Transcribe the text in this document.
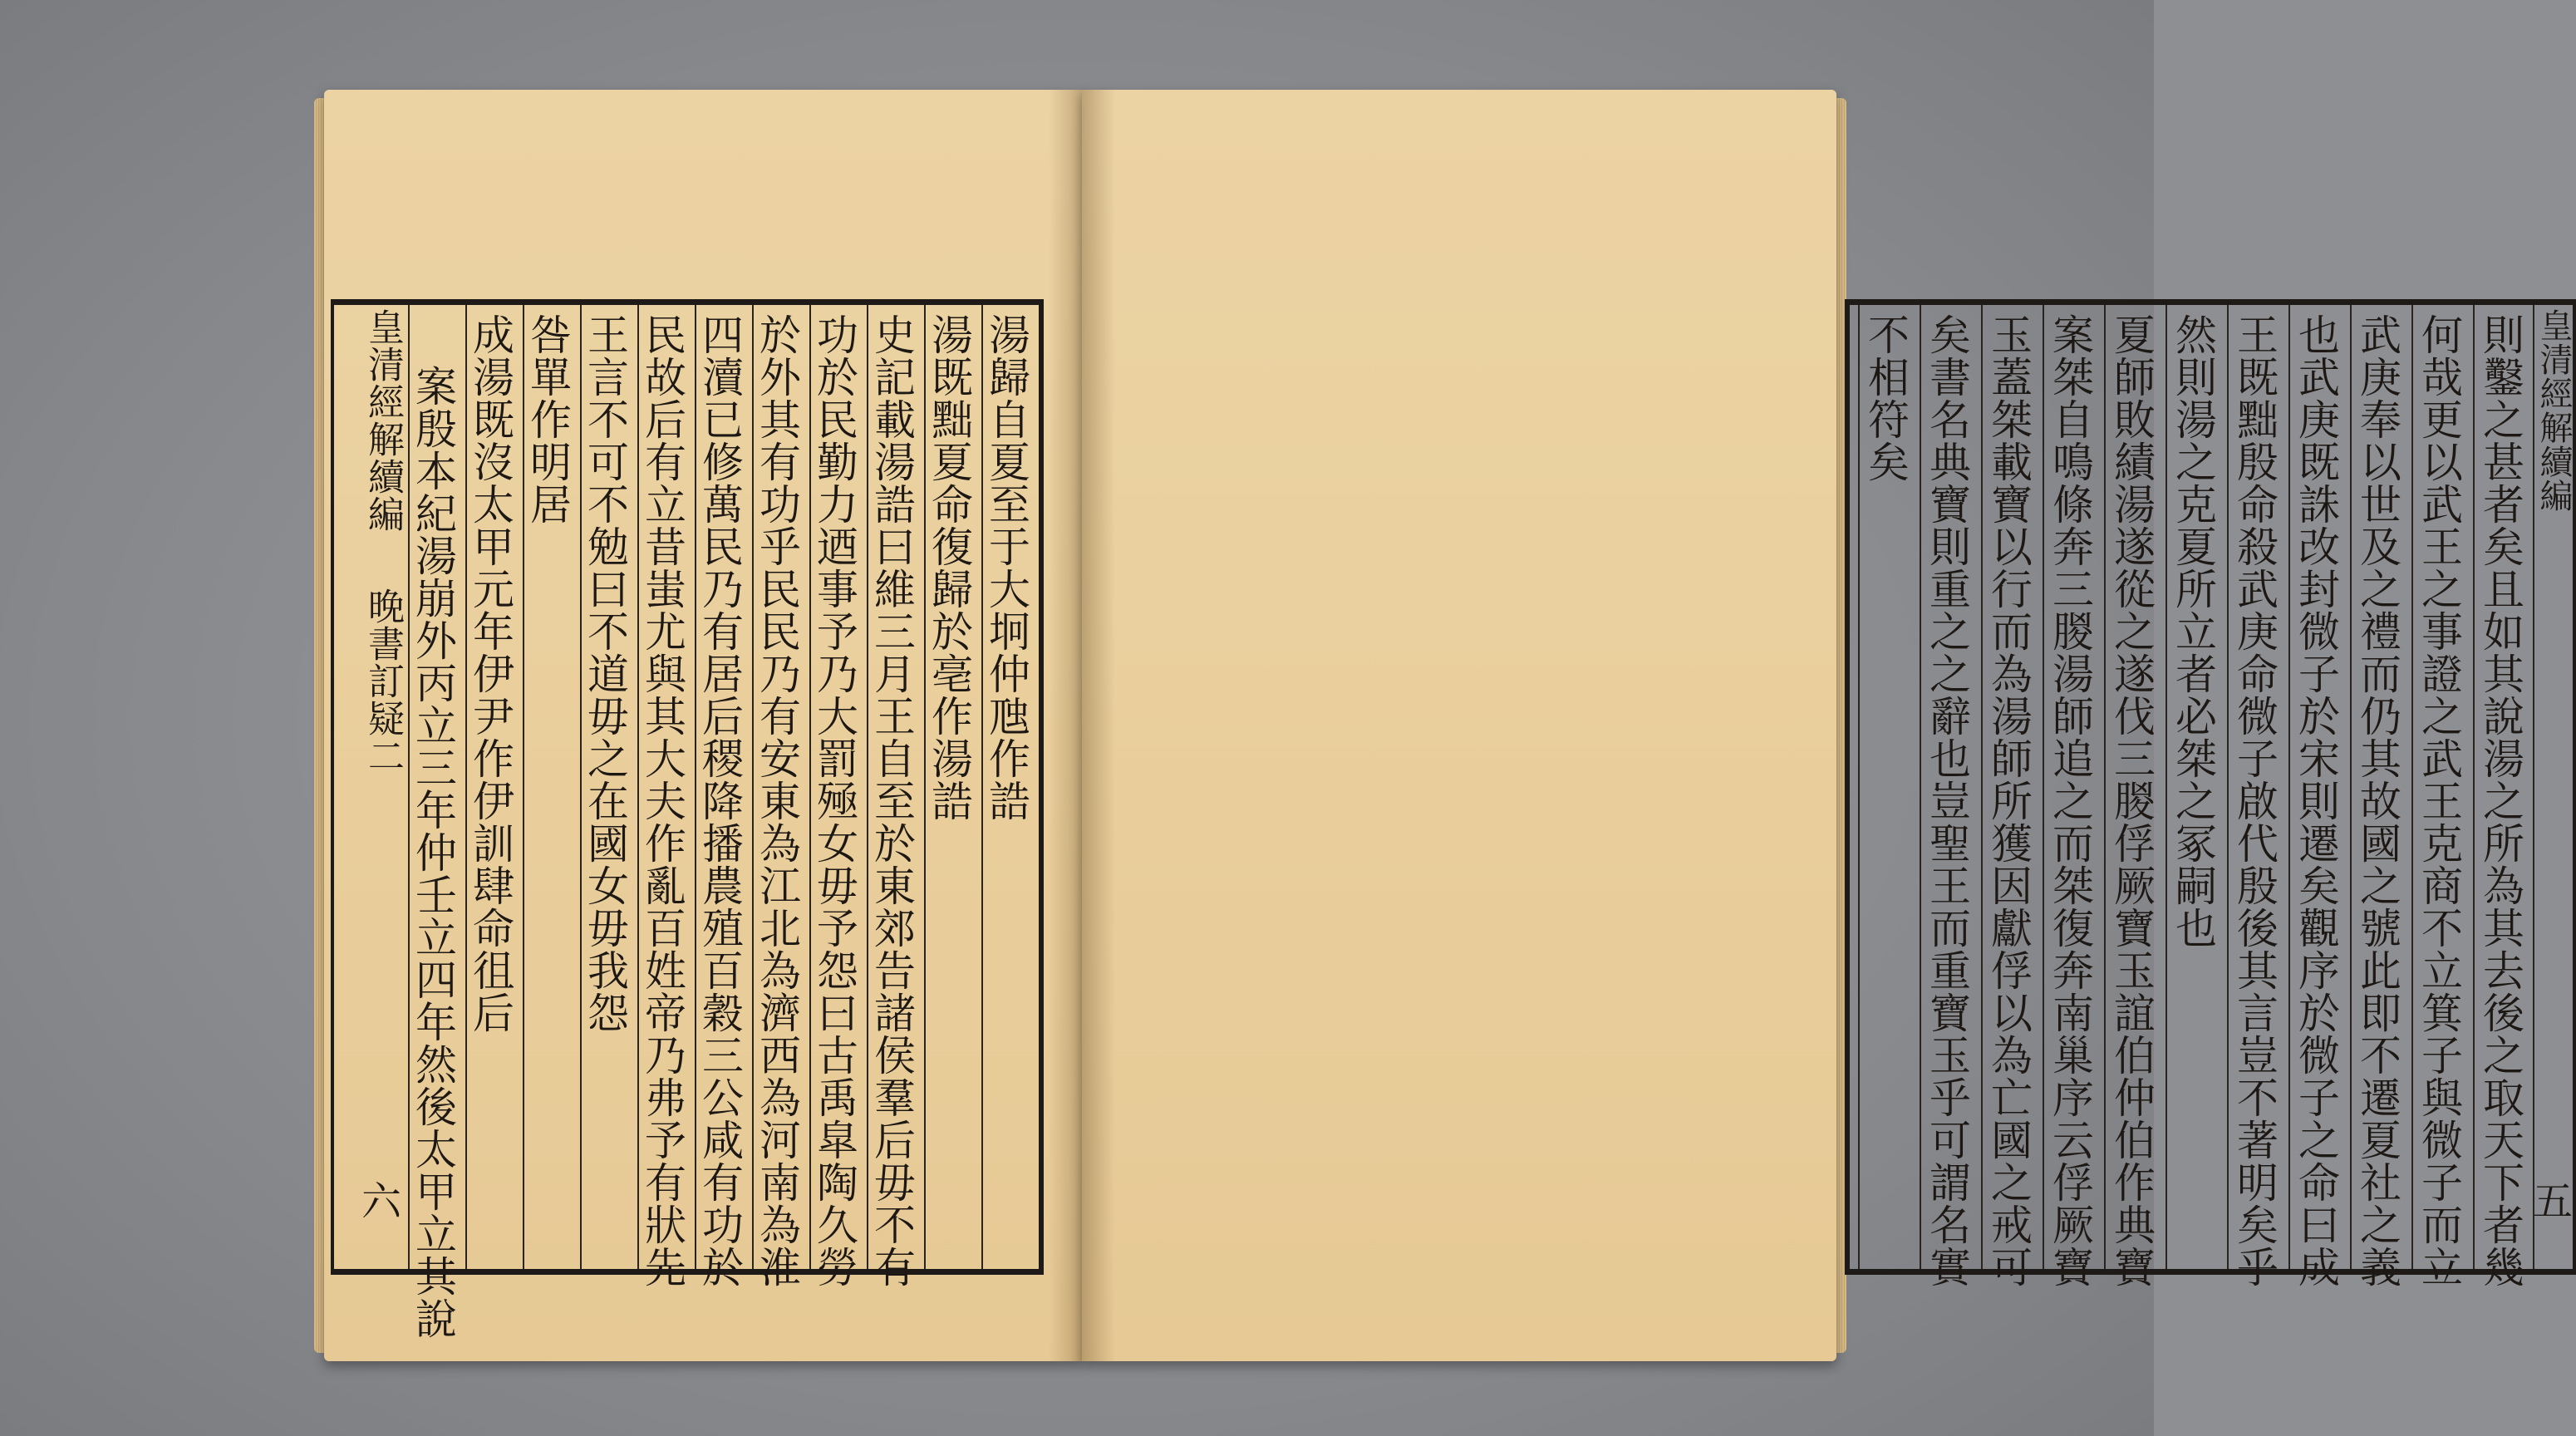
湯歸自夏至于大坰仲虺作誥
湯既黜夏命復歸於亳作湯誥
史記載湯誥曰維三月王自至於東郊告諸侯羣后毋不有
功於民勤力迺事予乃大罰殛女毋予怨曰古禹皐陶久勞
於外其有功乎民民乃有安東為江北為濟西為河南為淮
四瀆已修萬民乃有居后稷降播農殖百穀三公咸有功於
民故后有立昔蚩尤與其大夫作亂百姓帝乃弗予有狀先
王言不可不勉曰不道毋之在國女毋我怨
咎單作明居
成湯既沒太甲元年伊尹作伊訓肆命徂后
案殷本紀湯崩外丙立三年仲壬立四年然後太甲立其說
皇清經解續編
晚書訂疑二
六
皇清經解續編
五
則鑿之甚者矣且如其說湯之所為其去後之取天下者幾
何哉更以武王之事證之武王克商不立箕子與微子而立
武庚奉以世及之禮而仍其故國之號此即不遷夏社之義
也武庚既誅改封微子於宋則遷矣觀序於微子之命曰成
王既黜殷命殺武庚命微子啟代殷後其言豈不著明矣乎
然則湯之克夏所立者必桀之冢嗣也
夏師敗績湯遂從之遂伐三朡俘厥寶玉誼伯仲伯作典寶
案桀自鳴條奔三朡湯師追之而桀復奔南巢序云俘厥寶
玉蓋桀載寶以行而為湯師所獲因獻俘以為亡國之戒可
矣書名典寶則重之之辭也豈聖王而重寶玉乎可謂名實
不相符矣
